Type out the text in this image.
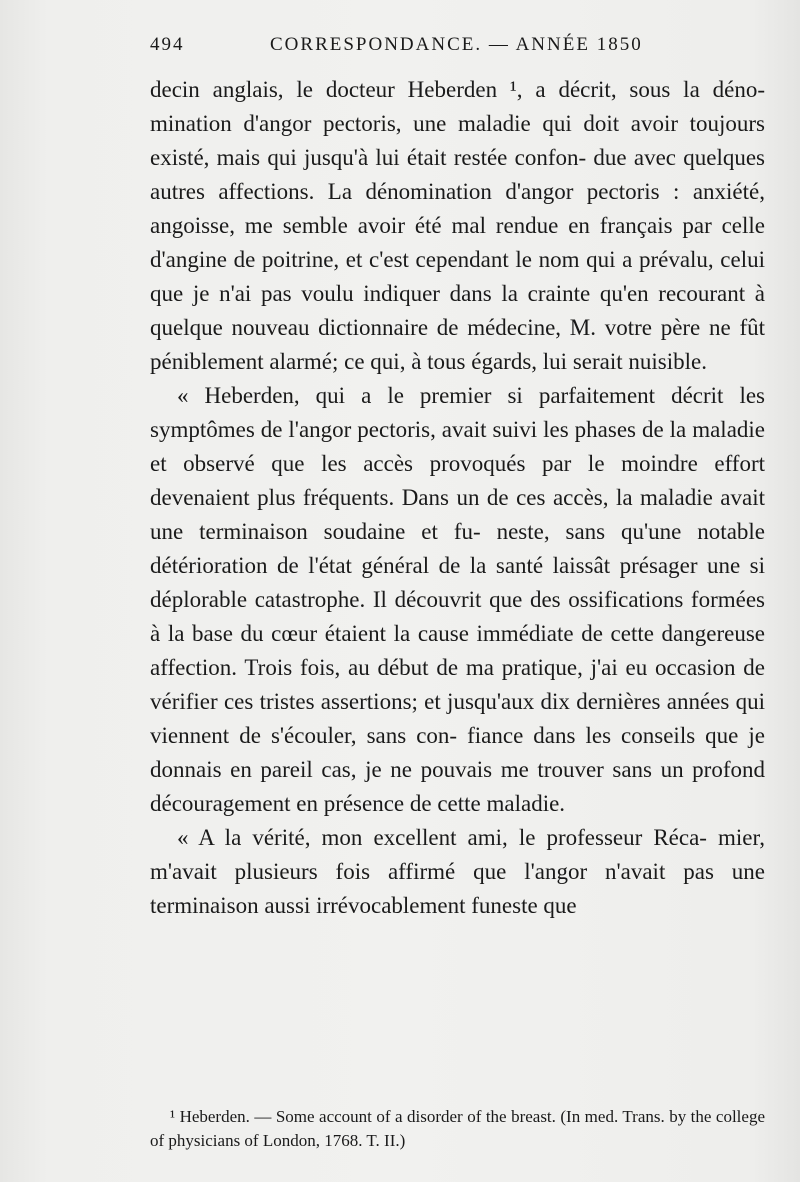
494	CORRESPONDANCE. — ANNÉE 1850

decin anglais, le docteur Heberden ¹, a décrit, sous la déno- mination d'angor pectoris, une maladie qui doit avoir toujours existé, mais qui jusqu'à lui était restée confon- due avec quelques autres affections. La dénomination d'angor pectoris : anxiété, angoisse, me semble avoir été mal rendue en français par celle d'angine de poitrine, et c'est cependant le nom qui a prévalu, celui que je n'ai pas voulu indiquer dans la crainte qu'en recourant à quelque nouveau dictionnaire de médecine, M. votre père ne fût péniblement alarmé; ce qui, à tous égards, lui serait nuisible.

« Heberden, qui a le premier si parfaitement décrit les symptômes de l'angor pectoris, avait suivi les phases de la maladie et observé que les accès provoqués par le moindre effort devenaient plus fréquents. Dans un de ces accès, la maladie avait une terminaison soudaine et fu- neste, sans qu'une notable détérioration de l'état général de la santé laissât présager une si déplorable catastrophe. Il découvrit que des ossifications formées à la base du cœur étaient la cause immédiate de cette dangereuse affection. Trois fois, au début de ma pratique, j'ai eu occasion de vérifier ces tristes assertions; et jusqu'aux dix dernières années qui viennent de s'écouler, sans con- fiance dans les conseils que je donnais en pareil cas, je ne pouvais me trouver sans un profond découragement en présence de cette maladie.

« A la vérité, mon excellent ami, le professeur Réca- mier, m'avait plusieurs fois affirmé que l'angor n'avait pas une terminaison aussi irrévocablement funeste que

¹ Heberden. — Some account of a disorder of the breast. (In med. Trans. by the college of physicians of London, 1768. T. II.)
